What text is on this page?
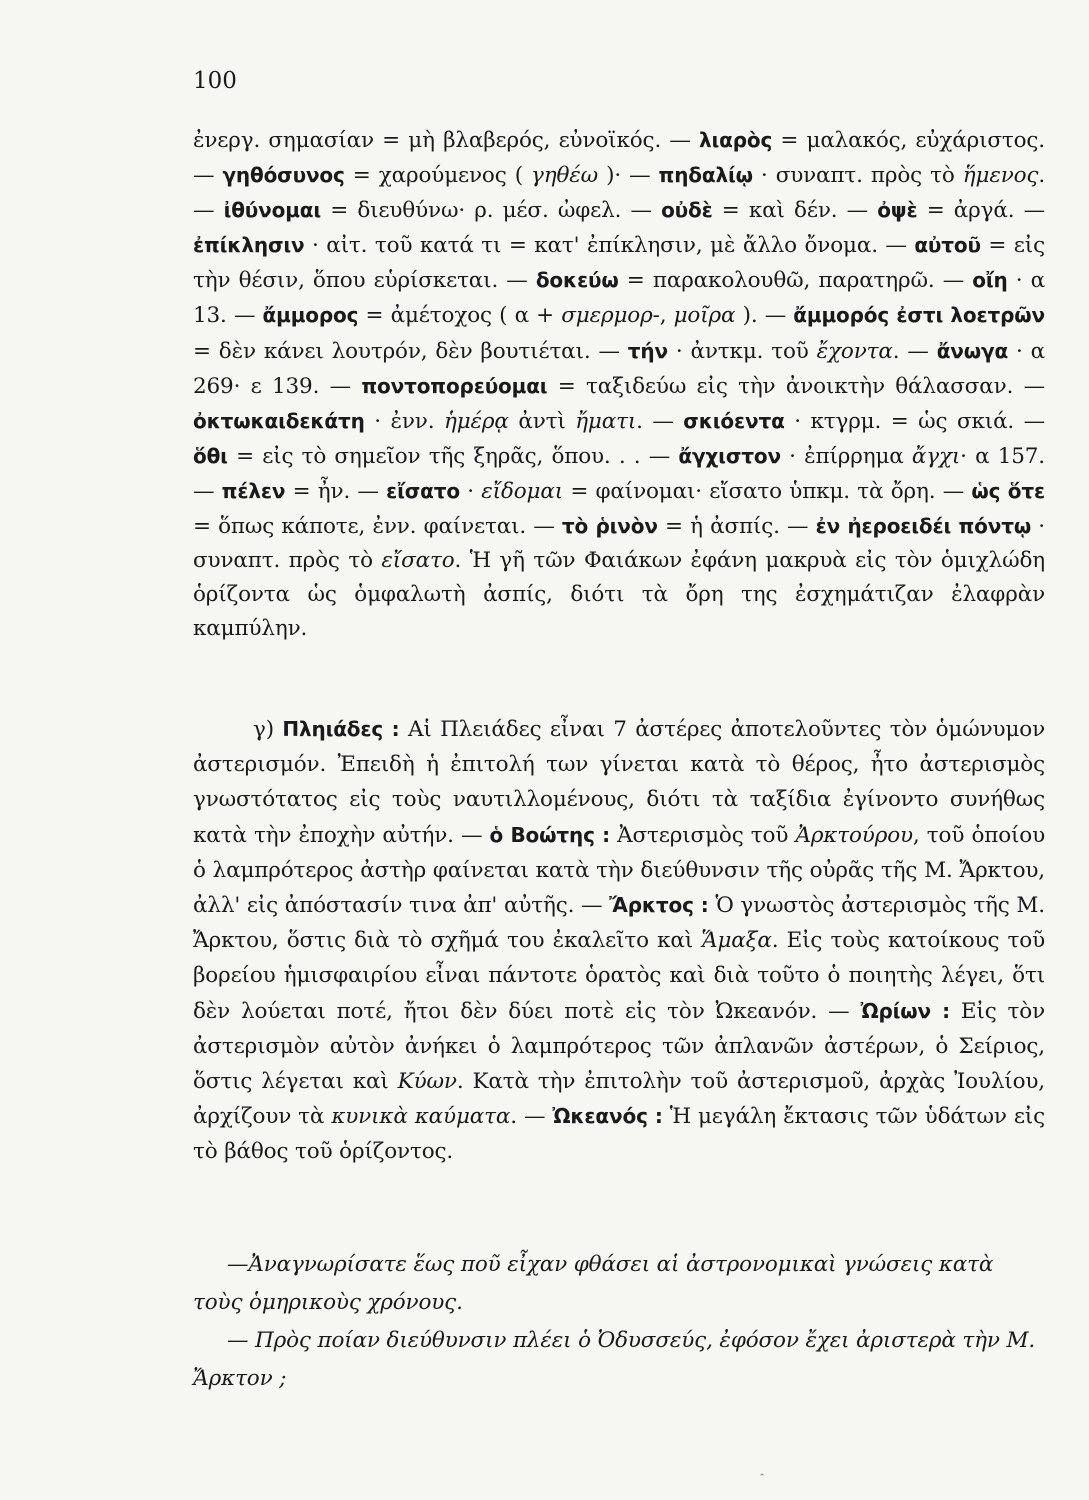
100

ἐνεργ. σημασίαν = μὴ βλαβερός, εὐνοϊκός. — λιαρὸς = μαλακός, εὐχάριστος. — γηθόσυνος = χαρούμενος ( γηθέω )· — πηδαλίῳ · συναπτ. πρὸς τὸ ἥμενος. — ἰθύνομαι = διευθύνω· ρ. μέσ. ὠφελ. — οὐδὲ = καὶ δέν. — ὀψὲ = ἀργά. — ἐπίκλησιν · αἰτ. τοῦ κατά τι = κατ' ἐπίκλησιν, μὲ ἄλλο ὄνομα. — αὐτοῦ = εἰς τὴν θέσιν, ὅπου εὑρίσκεται. — δοκεύω = παρακολουθῶ, παρατηρῶ. — οἴη · α 13. — ἄμμορος = ἀμέτοχος ( α + σμερμορ-, μοῖρα ). — ἄμμορός ἐστι λοετρῶν = δὲν κάνει λουτρόν, δὲν βουτιέται. — τήν · ἀντκμ. τοῦ ἔχοντα. — ἄνωγα · α 269· ε 139. — ποντοπορεύομαι = ταξιδεύω εἰς τὴν ἀνοικτὴν θάλασσαν. — ὀκτωκαιδεκάτη · ἐνν. ἡμέρᾳ ἀντὶ ἤματι. — σκιόεντα · κτγρμ. = ὡς σκιά. — ὅθι = εἰς τὸ σημεῖον τῆς ξηρᾶς, ὅπου. . . — ἄγχιστον · ἐπίρρημα ἄγχι· α 157. — πέλεν = ἦν. — εἴσατο · εἴδομαι = φαίνομαι· εἴσατο ὑπκμ. τὰ ὄρη. — ὡς ὅτε = ὅπως κάποτε, ἐνν. φαίνεται. — τὸ ῥινὸν = ἡ ἀσπίς. — ἐν ἠεροειδέι πόντῳ · συναπτ. πρὸς τὸ εἴσατο. Ἡ γῆ τῶν Φαιάκων ἐφάνη μακρυὰ εἰς τὸν ὁμιχλώδη ὁρίζοντα ὡς ὁμφαλωτὴ ἀσπίς, διότι τὰ ὄρη της ἐσχημάτιζαν ἐλαφρὰν καμπύλην.

γ) Πληιάδες : Αἱ Πλειάδες εἶναι 7 ἀστέρες ἀποτελοῦντες τὸν ὁμώνυμον ἀστερισμόν. Ἐπειδὴ ἡ ἐπιτολή των γίνεται κατὰ τὸ θέρος, ἦτο ἀστερισμὸς γνωστότατος εἰς τοὺς ναυτιλλομένους, διότι τὰ ταξίδια ἐγίνοντο συνήθως κατὰ τὴν ἐποχὴν αὐτήν. — ὁ Βοώτης : Ἀστερισμὸς τοῦ Ἀρκτούρου, τοῦ ὁποίου ὁ λαμπρότερος ἀστὴρ φαίνεται κατὰ τὴν διεύθυνσιν τῆς οὐρᾶς τῆς Μ. Ἄρκτου, ἀλλ' εἰς ἀπόστασίν τινα ἀπ' αὐτῆς. — Ἄρκτος : Ὁ γνωστὸς ἀστερισμὸς τῆς Μ. Ἄρκτου, ὅστις διὰ τὸ σχῆμά του ἐκαλεῖτο καὶ Ἅμαξα. Εἰς τοὺς κατοίκους τοῦ βορείου ἡμισφαιρίου εἶναι πάντοτε ὁρατὸς καὶ διὰ τοῦτο ὁ ποιητὴς λέγει, ὅτι δὲν λούεται ποτέ, ἤτοι δὲν δύει ποτὲ εἰς τὸν Ὠκεανόν. — Ὠρίων : Εἰς τὸν ἀστερισμὸν αὐτὸν ἀνήκει ὁ λαμπρότερος τῶν ἀπλανῶν ἀστέρων, ὁ Σείριος, ὅστις λέγεται καὶ Κύων. Κατὰ τὴν ἐπιτολὴν τοῦ ἀστερισμοῦ, ἀρχὰς Ἰουλίου, ἀρχίζουν τὰ κυνικὰ καύματα. — Ὠκεανός : Ἡ μεγάλη ἔκτασις τῶν ὑδάτων εἰς τὸ βάθος τοῦ ὁρίζοντος.

—Ἀναγνωρίσατε ἕως ποῦ εἶχαν φθάσει αἱ ἀστρονομικαὶ γνώσεις κατὰ τοὺς ὁμηρικοὺς χρόνους.

— Πρὸς ποίαν διεύθυνσιν πλέει ὁ Ὀδυσσεύς, ἐφόσον ἔχει ἀριστερὰ τὴν Μ. Ἄρκτον ;

ꞈ
